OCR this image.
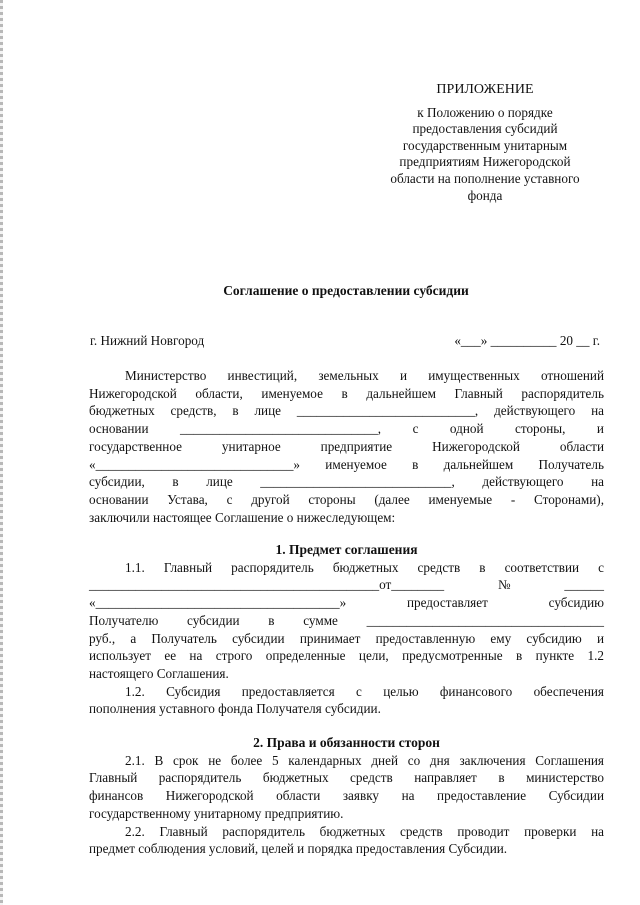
ПРИЛОЖЕНИЕ
к Положению о порядке
предоставления субсидий
государственным унитарным
предприятиям Нижегородской
области на пополнение уставного
фонда
Соглашение о предоставлении субсидии
г. Нижний Новгород	«___» __________ 20 __ г.
Министерство инвестиций, земельных и имущественных отношений
Нижегородской области, именуемое в дальнейшем Главный распорядитель
бюджетных средств, в лице ___________________________, действующего на
основании ______________________________, с одной стороны, и
государственное унитарное предприятие Нижегородской области
«______________________________» именуемое в дальнейшем Получатель
субсидии, в лице _____________________________, действующего на
основании Устава, с другой стороны (далее именуемые - Сторонами),
заключили настоящее Соглашение о нижеследующем:
1. Предмет соглашения
1.1. Главный распорядитель бюджетных средств в соответствии с
____________________________________________от________№______
«_____________________________________» предоставляет субсидию
Получателю субсидии в сумме ____________________________________
руб., а Получатель субсидии принимает предоставленную ему субсидию и
использует ее на строго определенные цели, предусмотренные в пункте 1.2
настоящего Соглашения.
1.2. Субсидия предоставляется с целью финансового обеспечения
пополнения уставного фонда Получателя субсидии.
2. Права и обязанности сторон
2.1. В срок не более 5 календарных дней со дня заключения Соглашения
Главный распорядитель бюджетных средств направляет в министерство
финансов Нижегородской области заявку на предоставление Субсидии
государственному унитарному предприятию.
2.2. Главный распорядитель бюджетных средств проводит проверки на
предмет соблюдения условий, целей и порядка предоставления Субсидии.
